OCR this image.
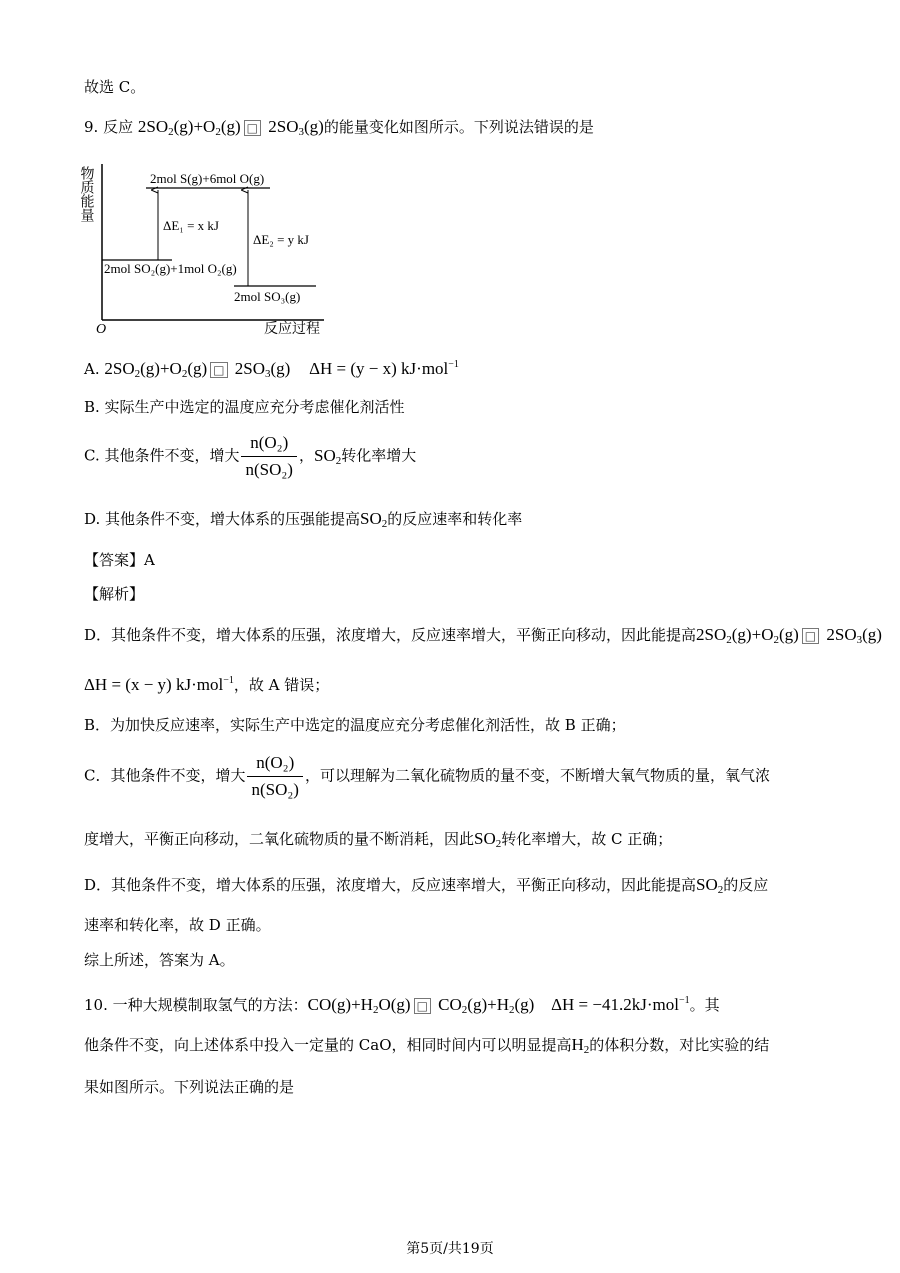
故选 C。
9. 反应 $2SO_2(g)+O_2(g)$ □ $2SO_3(g)$的能量变化如图所示。下列说法错误的是
物质能量
O	反应过程
2mol S(g)+6mol O(g)
2mol SO₂(g)+1mol O₂(g)
2mol SO₃(g)
ΔE₁ = x kJ
ΔE₂ = y kJ
A. $2SO_2(g)+O_2(g)$ □ $2SO_3(g) \Delta H = (y - x)$ kJ·mol$^{-1}$
B. 实际生产中选定的温度应充分考虑催化剂活性
C. 其他条件不变，增大 $\frac{\text{n(O₂)}}{\text{n(SO₂)}}$ ，$SO_2$转化率增大
D. 其他条件不变，增大体系的压强能提高$SO_2$的反应速率和转化率
【答案】A
【解析】
D．其他条件不变，增大体系的压强，浓度增大，反应速率增大，平衡正向移动，因此能提高$2SO_2(g)+O_2(g)$ □ $2SO_3(g)$
ΔH = (x − y) kJ·mol$^{-1}$，故 A 错误；
B．为加快反应速率，实际生产中选定的温度应充分考虑催化剂活性，故 B 正确；
C．其他条件不变，增大 $\frac{\text{n(O₂)}}{\text{n(SO₂)}}$ ，可以理解为二氧化硫物质的量不变，不断增大氧气物质的量，氧气浓
度增大，平衡正向移动，二氧化硫物质的量不断消耗，因此$SO_2$转化率增大，故 C 正确；
D．其他条件不变，增大体系的压强，浓度增大，反应速率增大，平衡正向移动，因此能提高$SO_2$的反应
速率和转化率，故 D 正确。
综上所述，答案为 A。
10. 一种大规模制取氢气的方法：$CO(g)+H_2O(g)$ □ $CO_2(g)+H_2(g) \Delta H = -41.2kJ\cdot mol^{-1}$。其
他条件不变，向上述体系中投入一定量的 CaO，相同时间内可以明显提高$H_2$的体积分数，对比实验的结
果如图所示。下列说法正确的是
第5页/共19页
